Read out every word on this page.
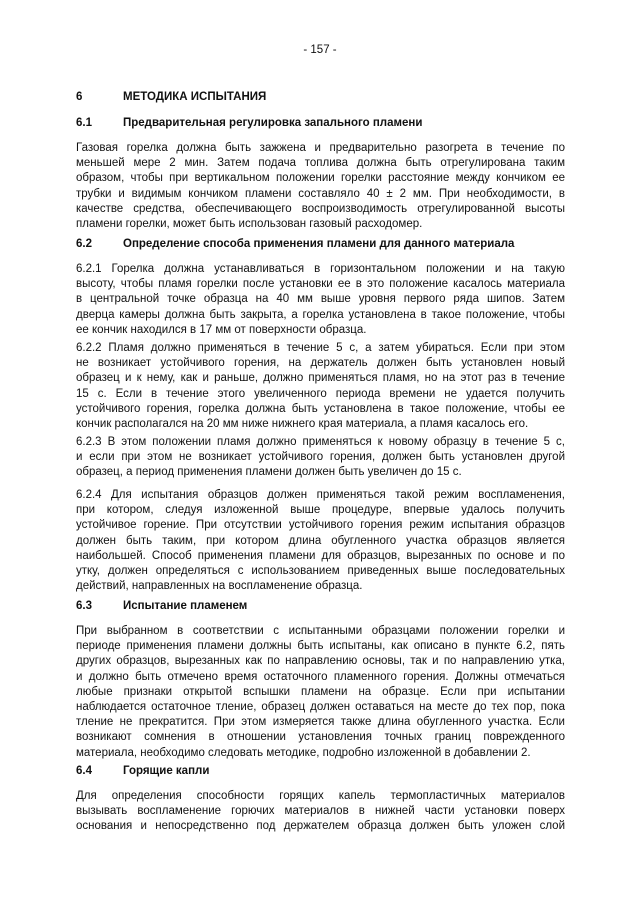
- 157 -
6	МЕТОДИКА ИСПЫТАНИЯ
6.1	Предварительная регулировка запального пламени
Газовая горелка должна быть зажжена и предварительно разогрета в течение по
меньшей мере 2 мин. Затем подача топлива должна быть отрегулирована таким
образом, чтобы при вертикальном положении горелки расстояние между кончиком ее
трубки и видимым кончиком пламени составляло 40 ± 2 мм. При необходимости, в
качестве средства, обеспечивающего воспроизводимость отрегулированной высоты
пламени горелки, может быть использован газовый расходомер.
6.2	Определение способа применения пламени для данного материала
6.2.1 Горелка должна устанавливаться в горизонтальном положении и на такую
высоту, чтобы пламя горелки после установки ее в это положение касалось материала
в центральной точке образца на 40 мм выше уровня первого ряда шипов. Затем
дверца камеры должна быть закрыта, а горелка установлена в такое положение, чтобы
ее кончик находился в 17 мм от поверхности образца.
6.2.2 Пламя должно применяться в течение 5 с, а затем убираться. Если при этом
не возникает устойчивого горения, на держатель должен быть установлен новый
образец и к нему, как и раньше, должно применяться пламя, но на этот раз в течение
15 с. Если в течение этого увеличенного периода времени не удается получить
устойчивого горения, горелка должна быть установлена в такое положение, чтобы ее
кончик располагался на 20 мм ниже нижнего края материала, а пламя касалось его.
6.2.3 В этом положении пламя должно применяться к новому образцу в течение 5 с,
и если при этом не возникает устойчивого горения, должен быть установлен другой
образец, а период применения пламени должен быть увеличен до 15 с.
6.2.4 Для испытания образцов должен применяться такой режим воспламенения,
при котором, следуя изложенной выше процедуре, впервые удалось получить
устойчивое горение. При отсутствии устойчивого горения режим испытания образцов
должен быть таким, при котором длина обугленного участка образцов является
наибольшей. Способ применения пламени для образцов, вырезанных по основе и по
утку, должен определяться с использованием приведенных выше последовательных
действий, направленных на воспламенение образца.
6.3	Испытание пламенем
При выбранном в соответствии с испытанными образцами положении горелки и
периоде применения пламени должны быть испытаны, как описано в пункте 6.2, пять
других образцов, вырезанных как по направлению основы, так и по направлению утка,
и должно быть отмечено время остаточного пламенного горения. Должны отмечаться
любые признаки открытой вспышки пламени на образце. Если при испытании
наблюдается остаточное тление, образец должен оставаться на месте до тех пор, пока
тление не прекратится. При этом измеряется также длина обугленного участка. Если
возникают сомнения в отношении установления точных границ поврежденного
материала, необходимо следовать методике, подробно изложенной в добавлении 2.
6.4	Горящие капли
Для определения способности горящих капель термопластичных материалов
вызывать воспламенение горючих материалов в нижней части установки поверх
основания и непосредственно под держателем образца должен быть уложен слой
